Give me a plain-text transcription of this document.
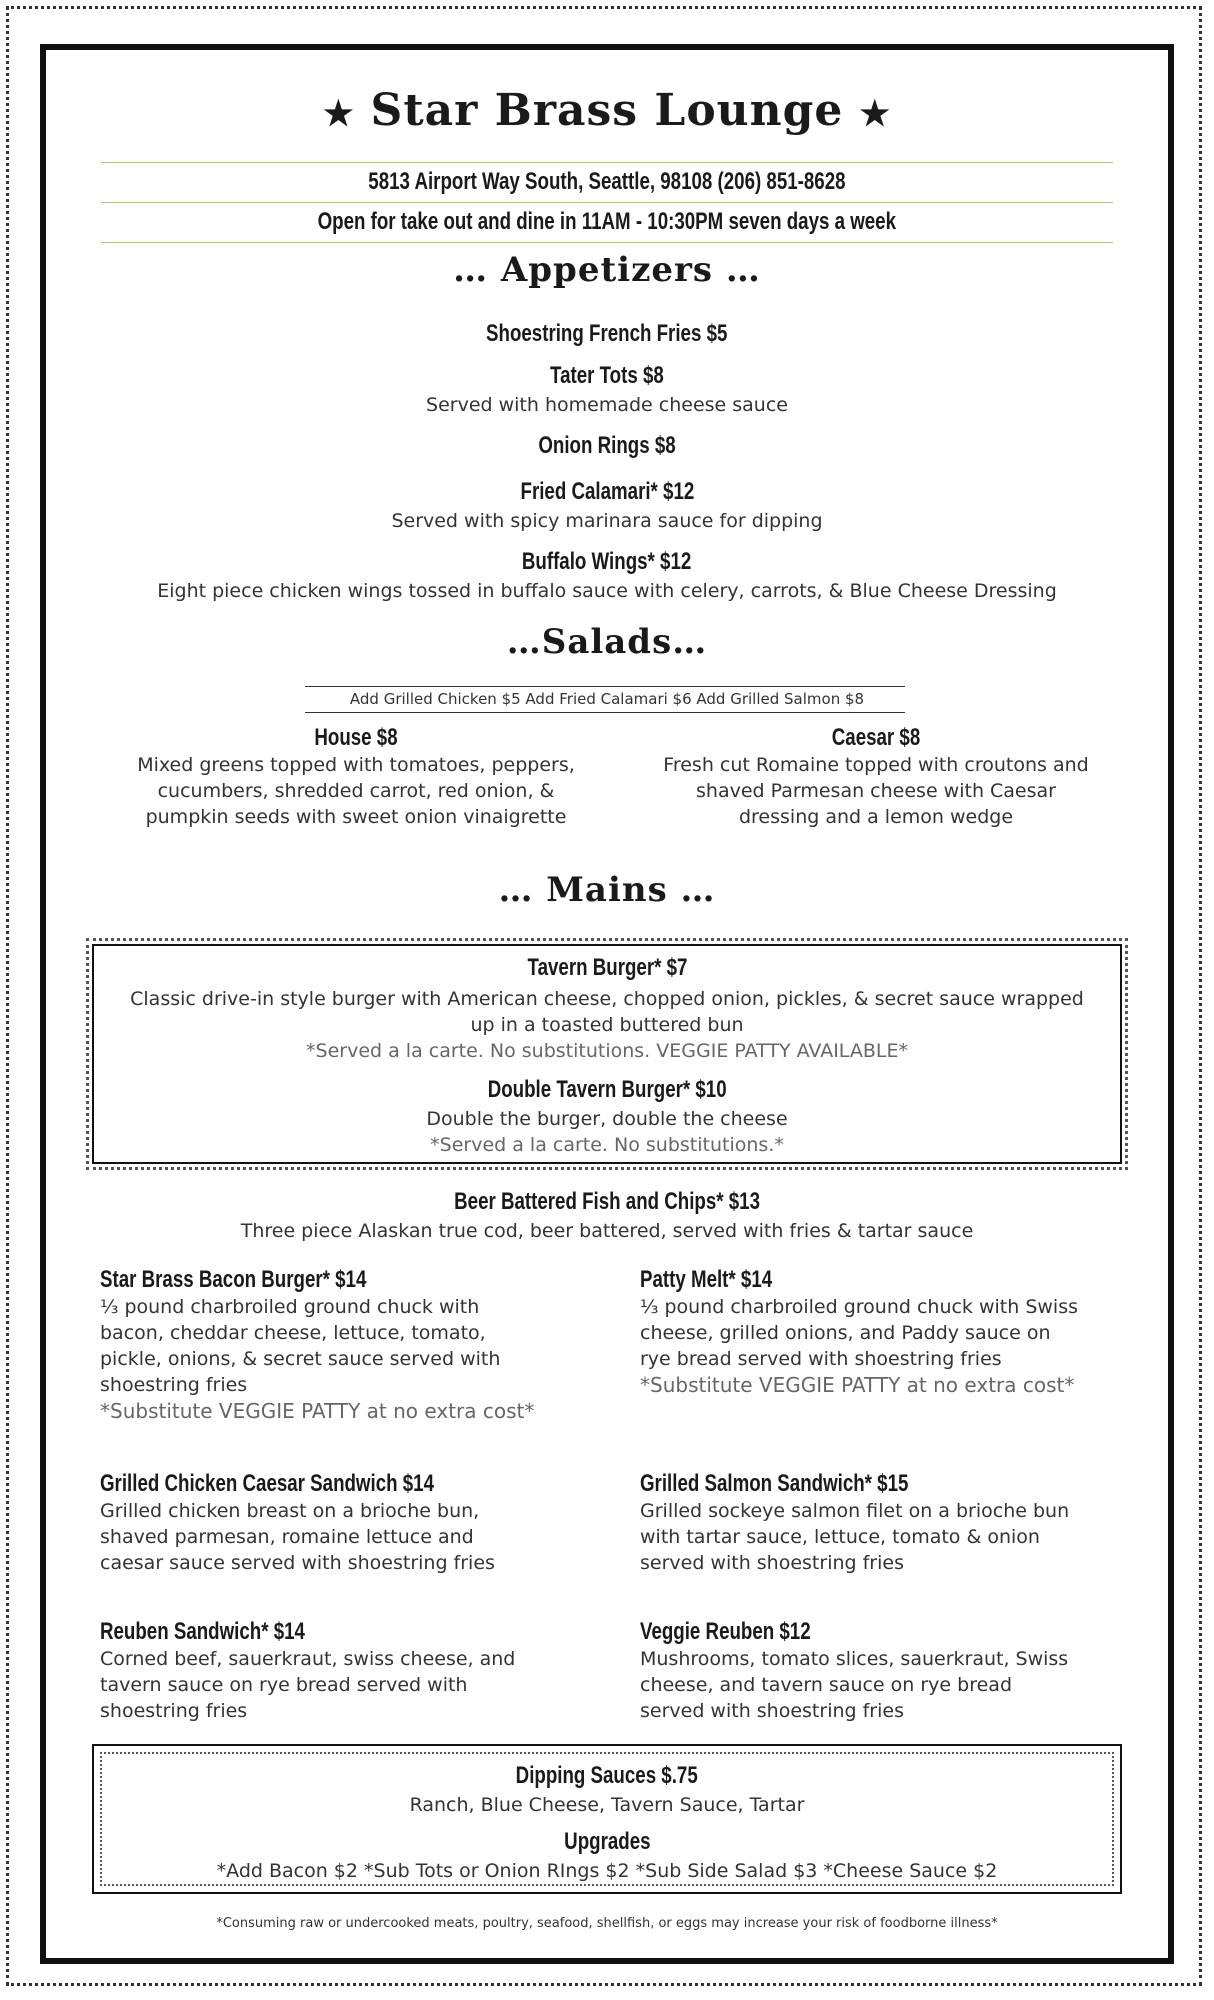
★ Star Brass Lounge ★
5813 Airport Way South, Seattle, 98108 (206) 851-8628
Open for take out and dine in 11AM - 10:30PM seven days a week
… Appetizers …
Shoestring French Fries $5
Tater Tots $8
Served with homemade cheese sauce
Onion Rings $8
Fried Calamari* $12
Served with spicy marinara sauce for dipping
Buffalo Wings* $12
Eight piece chicken wings tossed in buffalo sauce with celery, carrots, & Blue Cheese Dressing
…Salads…
Add Grilled Chicken $5 Add Fried Calamari $6 Add Grilled Salmon $8
House $8
Mixed greens topped with tomatoes, peppers, cucumbers, shredded carrot, red onion, & pumpkin seeds with sweet onion vinaigrette
Caesar $8
Fresh cut Romaine topped with croutons and shaved Parmesan cheese with Caesar dressing and a lemon wedge
… Mains …
Tavern Burger* $7
Classic drive-in style burger with American cheese, chopped onion, pickles, & secret sauce wrapped up in a toasted buttered bun
*Served a la carte. No substitutions. VEGGIE PATTY AVAILABLE*
Double Tavern Burger* $10
Double the burger, double the cheese
*Served a la carte. No substitutions.*
Beer Battered Fish and Chips* $13
Three piece Alaskan true cod, beer battered, served with fries & tartar sauce
Star Brass Bacon Burger* $14
⅓ pound charbroiled ground chuck with bacon, cheddar cheese, lettuce, tomato, pickle, onions, & secret sauce served with shoestring fries
*Substitute VEGGIE PATTY at no extra cost*
Grilled Chicken Caesar Sandwich $14
Grilled chicken breast on a brioche bun, shaved parmesan, romaine lettuce and caesar sauce served with shoestring fries
Reuben Sandwich* $14
Corned beef, sauerkraut, swiss cheese, and tavern sauce on rye bread served with shoestring fries
Patty Melt* $14
⅓ pound charbroiled ground chuck with Swiss cheese, grilled onions, and Paddy sauce on rye bread served with shoestring fries
*Substitute VEGGIE PATTY at no extra cost*
Grilled Salmon Sandwich* $15
Grilled sockeye salmon filet on a brioche bun with tartar sauce, lettuce, tomato & onion served with shoestring fries
Veggie Reuben $12
Mushrooms, tomato slices, sauerkraut, Swiss cheese, and tavern sauce on rye bread served with shoestring fries
Dipping Sauces $.75
Ranch, Blue Cheese, Tavern Sauce, Tartar
Upgrades
*Add Bacon $2 *Sub Tots or Onion RIngs $2 *Sub Side Salad $3 *Cheese Sauce $2
*Consuming raw or undercooked meats, poultry, seafood, shellfish, or eggs may increase your risk of foodborne illness*
